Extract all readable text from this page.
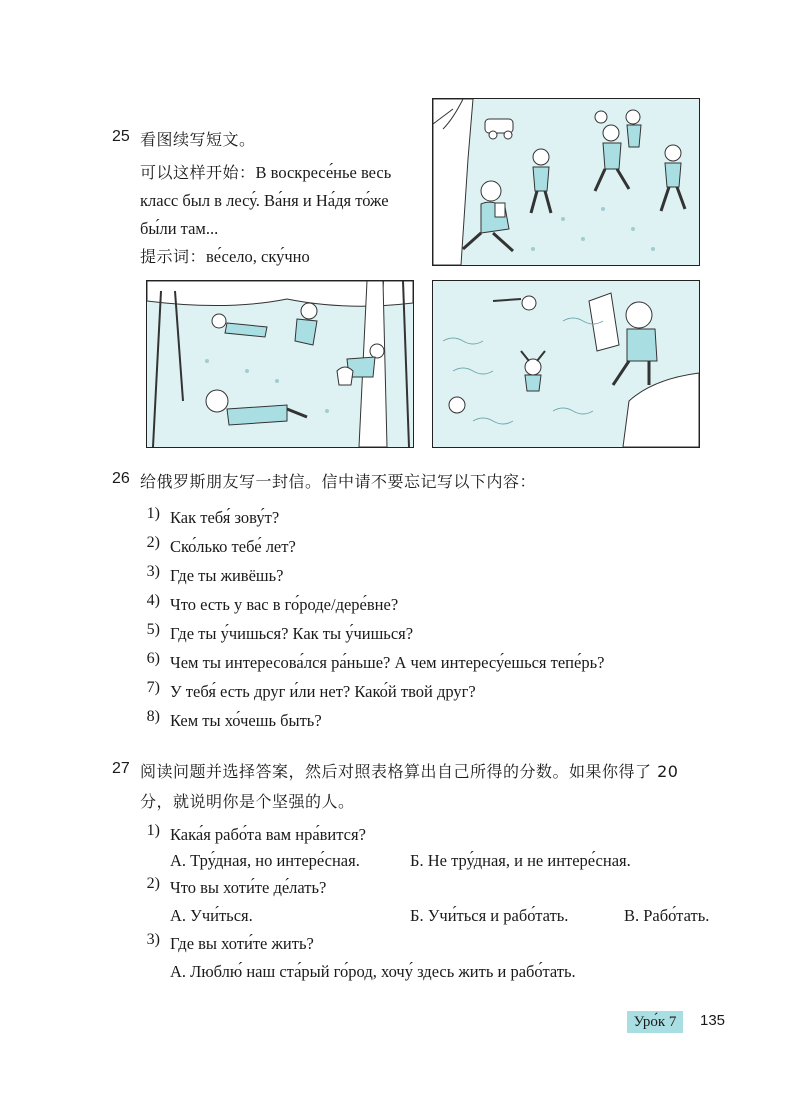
25 看图续写短文。
可以这样开始：В воскресе́нье весь
класс был в лесу́. Ва́ня и На́дя то́же
бы́ли там...
提示词：ве́село, ску́чно
26 给俄罗斯朋友写一封信。信中请不要忘记写以下内容：
1) Как тебя́ зову́т?
2) Ско́лько тебе́ лет?
3) Где ты живёшь?
4) Что есть у вас в го́роде/дере́вне?
5) Где ты у́чишься? Как ты у́чишься?
6) Чем ты интересова́лся ра́ньше? А чем интересу́ешься тепе́рь?
7) У тебя́ есть друг и́ли нет? Како́й твой друг?
8) Кем ты хо́чешь быть?
27 阅读问题并选择答案，然后对照表格算出自己所得的分数。如果你得了 20
分，就说明你是个坚强的人。
1) Кака́я рабо́та вам нра́вится?
А. Тру́дная, но интере́сная.	Б. Не тру́дная, и не интере́сная.
2) Что вы хоти́те де́лать?
А. Учи́ться.	Б. Учи́ться и рабо́тать.	В. Рабо́тать.
3) Где вы хоти́те жить?
А. Люблю́ наш ста́рый го́род, хочу́ здесь жить и рабо́тать.
Уро́к 7	135
